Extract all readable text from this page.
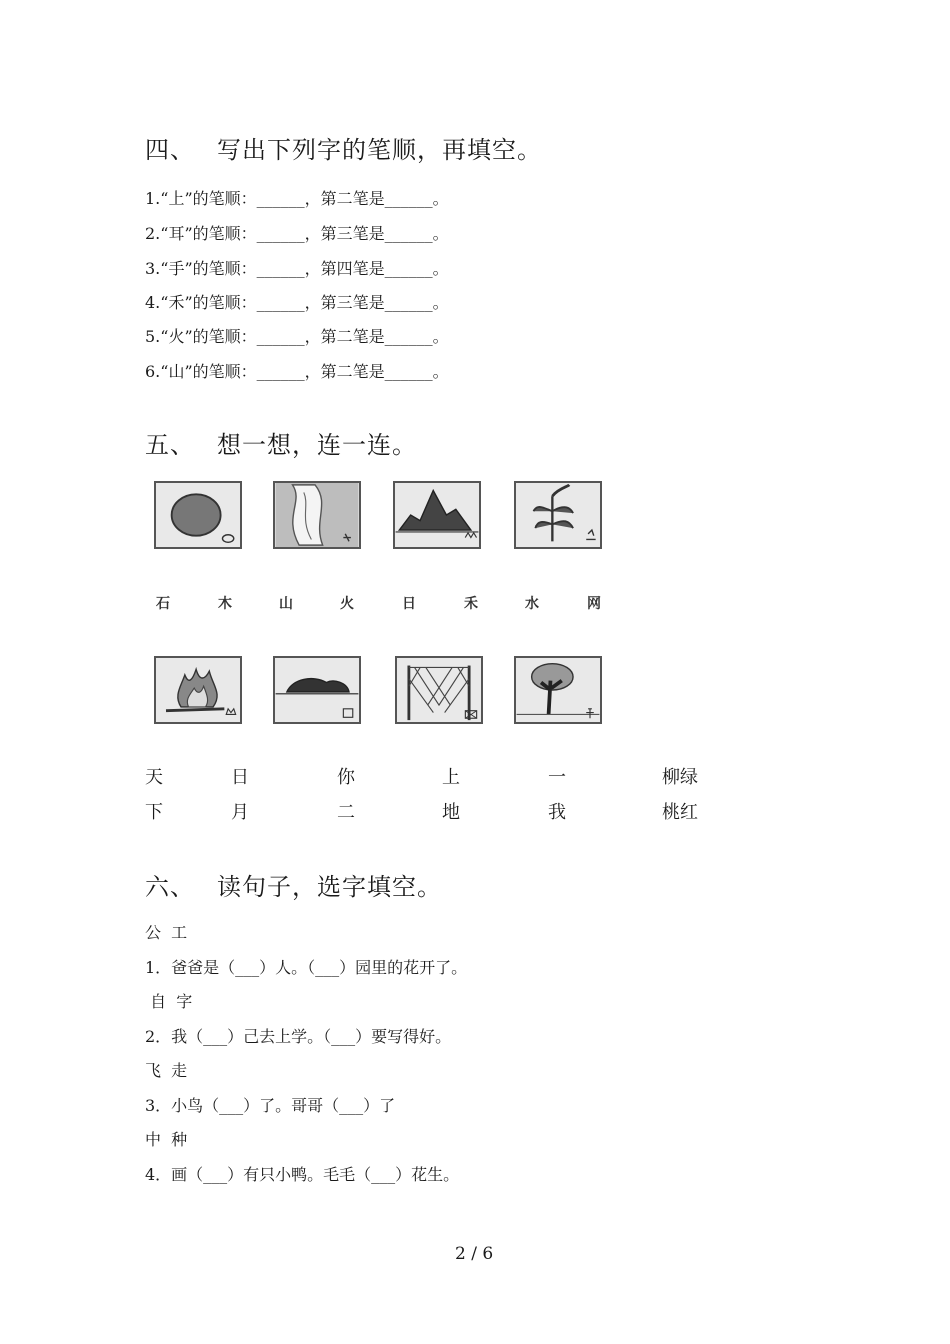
四、 写出下列字的笔顺，再填空。
1.“上”的笔顺：______，第二笔是______。
2.“耳”的笔顺：______，第三笔是______。
3.“手”的笔顺：______，第四笔是______。
4.“禾”的笔顺：______，第三笔是______。
5.“火”的笔顺：______，第二笔是______。
6.“山”的笔顺：______，第二笔是______。
五、 想一想，连一连。
石	木	山	火	日	禾	水	网
天	日	你	上	一	柳绿
下	月	二	地	我	桃红
六、 读句子，选字填空。
公  工
1．爸爸是（___）人。（___）园里的花开了。
自  字
2．我（___）己去上学。（___）要写得好。
飞  走
3．小鸟（___）了。哥哥（___）了
中  种
4．画（___）有只小鸭。毛毛（___）花生。
2 / 6
